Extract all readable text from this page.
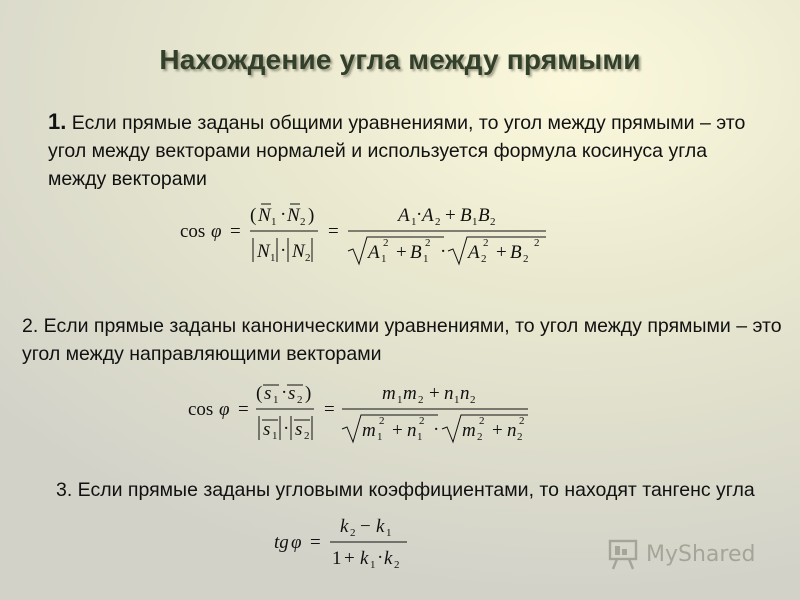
Нахождение угла между прямыми
1. Если прямые заданы общими уравнениями, то угол между прямыми – это угол между векторами нормалей и используется формула косинуса угла между векторами
cos φ =
( N 1 · N 2 )
N 1 · N 2
=
A 1 · A 2 + B 1 B 2
A 1
2 + B 1
2 · A 2
2 + B 2
2
2. Если прямые заданы каноническими уравнениями, то угол между прямыми – это угол между направляющими векторами
cos φ =
( s 1 · s 2 )
s 1 · s 2
=
m 1 m 2 + n 1 n 2
m 1
2 + n 1
2 · m 2
2 + n 2
2
3. Если прямые заданы угловыми коэффициентами, то находят тангенс угла
tg φ =
k 2 − k 1
1 + k 1 · k 2	MyShared
